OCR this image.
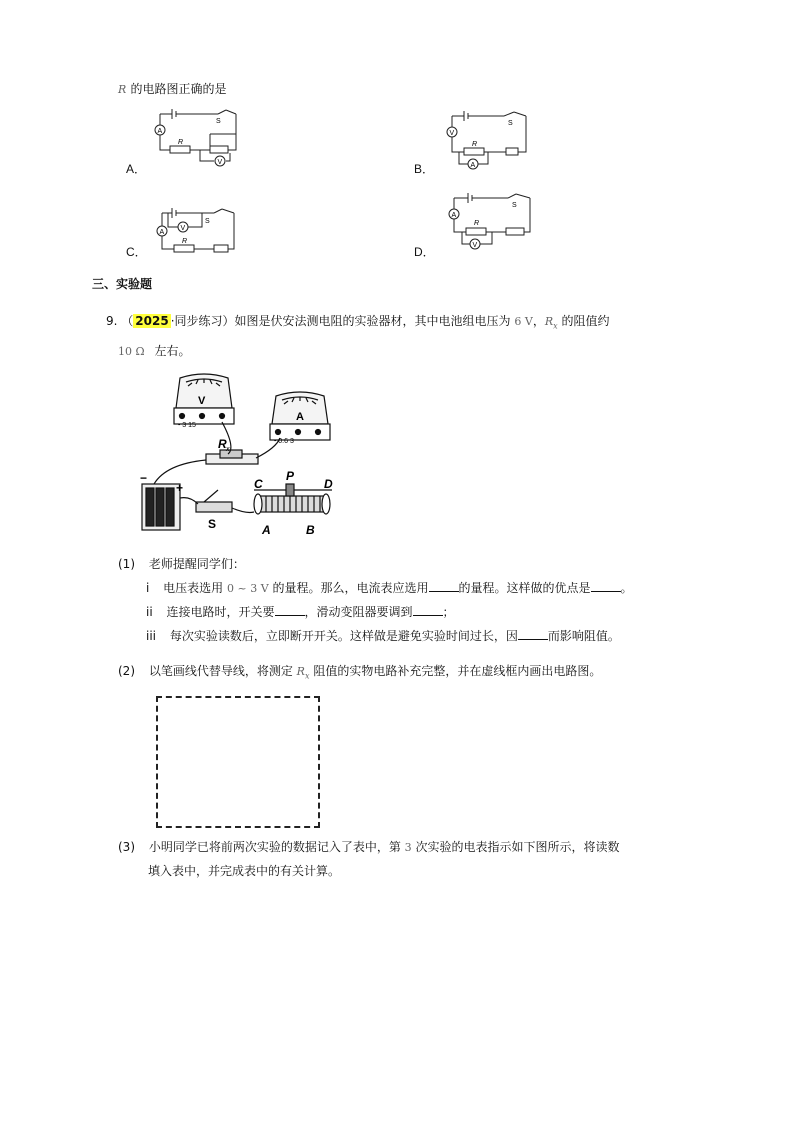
R 的电路图正确的是
A．
A
V
S
R
B．
V
A
S
R
C．
A
V
S
R
D．
A
V
S
R
三、实验题
9. （ 2025 ·同步练习）如图是伏安法测电阻的实验器材，其中电池组电压为 6 V，$R_x$ 的阻值约
10 Ω 左右。
V
- 3 15
A
- 0.6 3
R x
−
+
S
C
P
D
A	B
(1) 老师提醒同学们：
i 电压表选用 0 ~ 3 V 的量程。那么，电流表应选用	的量程。这样做的优点是	。
ii 连接电路时，开关要	，滑动变阻器要调到	；
iii 每次实验读数后，立即断开开关。这样做是避免实验时间过长，因	而影响阻值。
(2) 以笔画线代替导线，将测定 $R_x$ 阻值的实物电路补充完整，并在虚线框内画出电路图。
(3) 小明同学已将前两次实验的数据记入了表中，第 3 次实验的电表指示如下图所示，将读数
填入表中，并完成表中的有关计算。
